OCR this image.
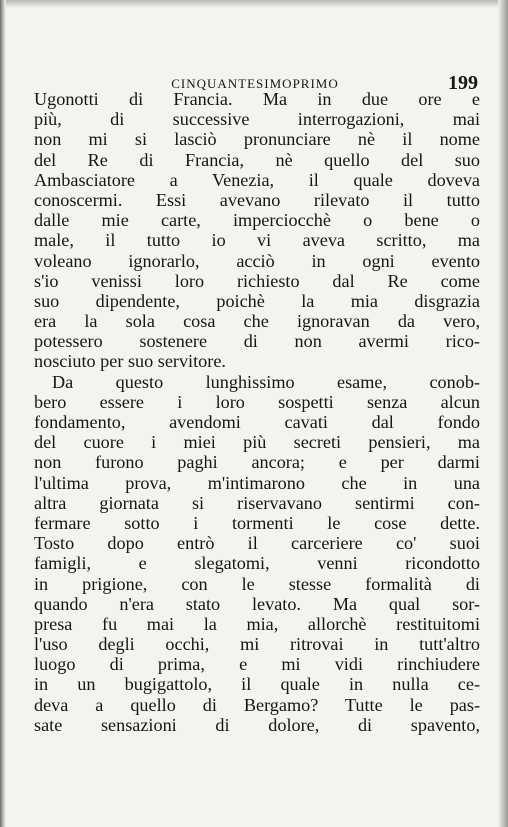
CINQUANTESIMOPRIMO	199
Ugonotti di Francia. Ma in due ore e
più, di successive interrogazioni, mai
non mi si lasciò pronunciare nè il nome
del Re di Francia, nè quello del suo
Ambasciatore a Venezia, il quale doveva
conoscermi. Essi avevano rilevato il tutto
dalle mie carte, imperciocchè o bene o
male, il tutto io vi aveva scritto, ma
voleano ignorarlo, acciò in ogni evento
s'io venissi loro richiesto dal Re come
suo dipendente, poichè la mia disgrazia
era la sola cosa che ignoravan da vero,
potessero sostenere di non avermi rico-
nosciuto per suo servitore.
Da questo lunghissimo esame, conob-
bero essere i loro sospetti senza alcun
fondamento, avendomi cavati dal fondo
del cuore i miei più secreti pensieri, ma
non furono paghi ancora; e per darmi
l'ultima prova, m'intimarono che in una
altra giornata si riservavano sentirmi con-
fermare sotto i tormenti le cose dette.
Tosto dopo entrò il carceriere co' suoi
famigli, e slegatomi, venni ricondotto
in prigione, con le stesse formalità di
quando n'era stato levato. Ma qual sor-
presa fu mai la mia, allorchè restituitomi
l'uso degli occhi, mi ritrovai in tutt'altro
luogo di prima, e mi vidi rinchiudere
in un bugigattolo, il quale in nulla ce-
deva a quello di Bergamo? Tutte le pas-
sate sensazioni di dolore, di spavento,
